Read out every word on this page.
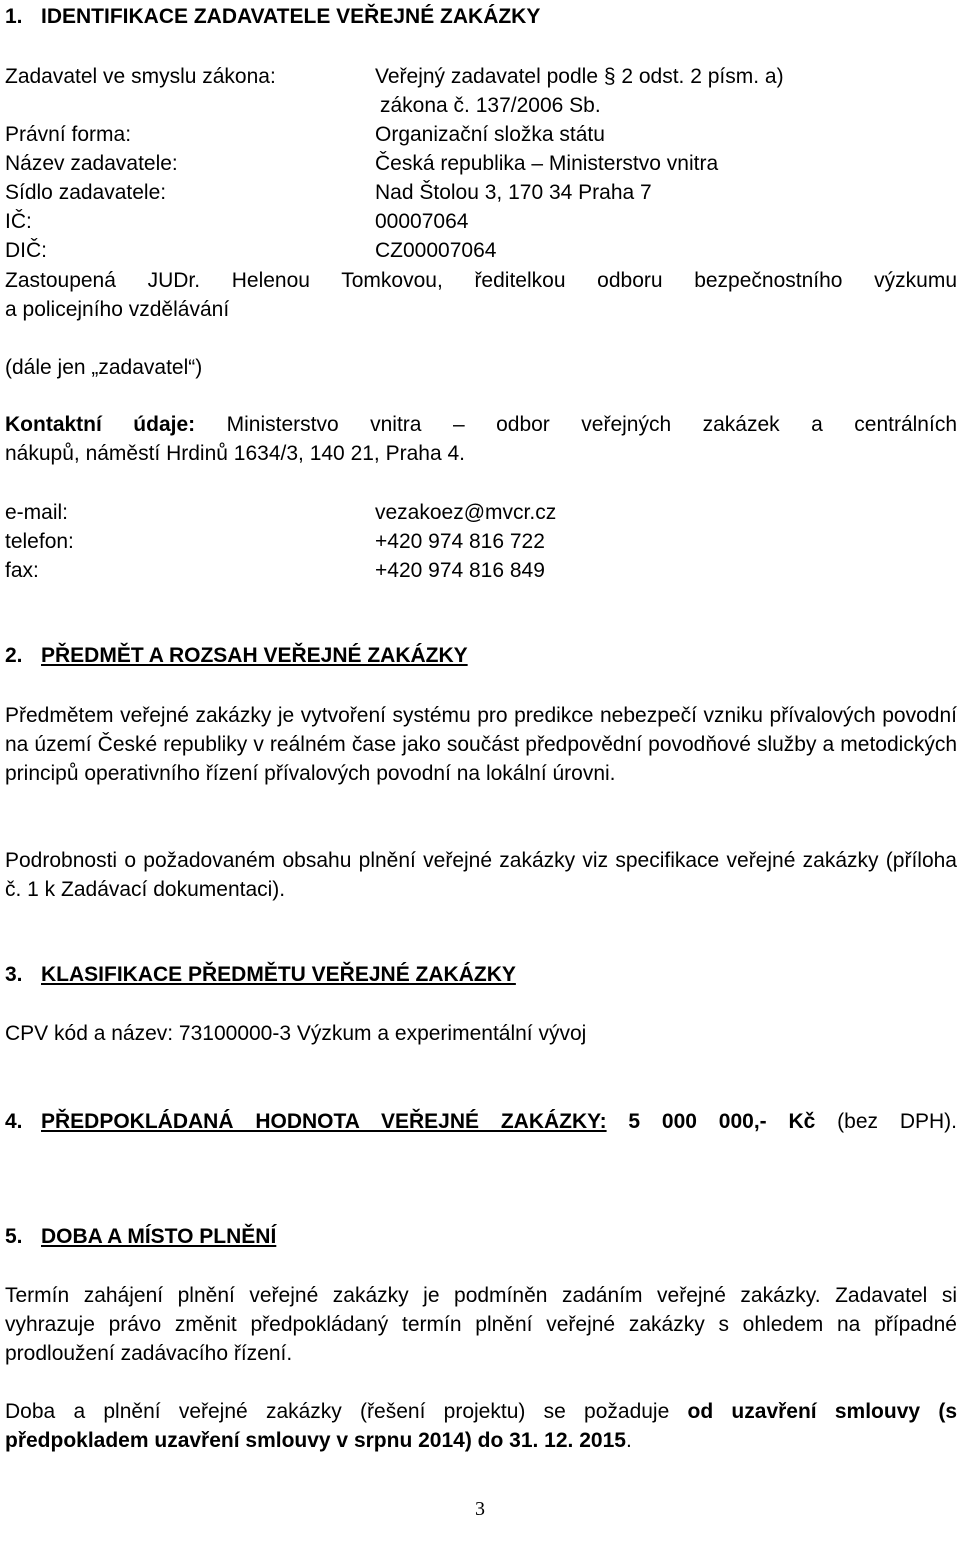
1. IDENTIFIKACE ZADAVATELE VEŘEJNÉ ZAKÁZKY
Zadavatel ve smyslu zákona:	Veřejný zadavatel podle § 2 odst. 2 písm. a)
zákona č. 137/2006 Sb.
Právní forma:	Organizační složka státu
Název zadavatele:	Česká republika – Ministerstvo vnitra
Sídlo zadavatele:	Nad Štolou 3, 170 34 Praha 7
IČ:	00007064
DIČ:	CZ00007064
Zastoupená JUDr. Helenou Tomkovou, ředitelkou odboru bezpečnostního výzkumu
a policejního vzdělávání
(dále jen „zadavatel“)
Kontaktní údaje: Ministerstvo vnitra – odbor veřejných zakázek a centrálních
nákupů, náměstí Hrdinů 1634/3, 140 21, Praha 4.
e-mail:	vezakoez@mvcr.cz
telefon:	+420 974 816 722
fax:	+420 974 816 849
2. PŘEDMĚT A ROZSAH VEŘEJNÉ ZAKÁZKY
Předmětem veřejné zakázky je vytvoření systému pro predikce nebezpečí vzniku přívalových povodní na území České republiky v reálném čase jako součást předpovědní povodňové služby a metodických principů operativního řízení přívalových povodní na lokální úrovni.
Podrobnosti o požadovaném obsahu plnění veřejné zakázky viz specifikace veřejné zakázky (příloha č. 1 k Zadávací dokumentaci).
3. KLASIFIKACE PŘEDMĚTU VEŘEJNÉ ZAKÁZKY
CPV kód a název: 73100000-3 Výzkum a experimentální vývoj
4. PŘEDPOKLÁDANÁ HODNOTA VEŘEJNÉ ZAKÁZKY: 5 000 000,- Kč (bez DPH).
5. DOBA A MÍSTO PLNĚNÍ
Termín zahájení plnění veřejné zakázky je podmíněn zadáním veřejné zakázky. Zadavatel si vyhrazuje právo změnit předpokládaný termín plnění veřejné zakázky s ohledem na případné prodloužení zadávacího řízení.
Doba a plnění veřejné zakázky (řešení projektu) se požaduje od uzavření smlouvy (s předpokladem uzavření smlouvy v srpnu 2014) do 31. 12. 2015.
3
